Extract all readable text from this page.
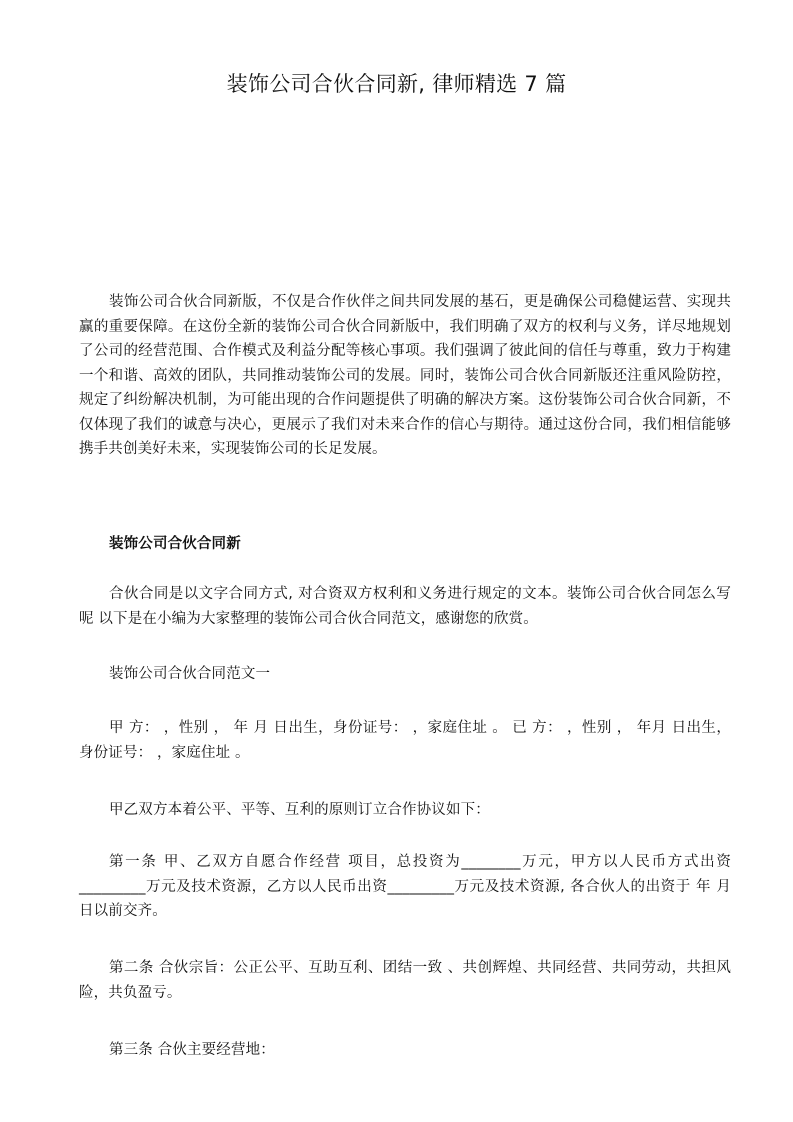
装饰公司合伙合同新, 律师精选 7 篇

装饰公司合伙合同新版，不仅是合作伙伴之间共同发展的基石，更是确保公司稳健运营、实现共赢的重要保障。在这份全新的装饰公司合伙合同新版中，我们明确了双方的权利与义务，详尽地规划了公司的经营范围、合作模式及利益分配等核心事项。我们强调了彼此间的信任与尊重，致力于构建一个和谐、高效的团队，共同推动装饰公司的发展。同时，装饰公司合伙合同新版还注重风险防控，规定了纠纷解决机制，为可能出现的合作问题提供了明确的解决方案。这份装饰公司合伙合同新，不仅体现了我们的诚意与决心，更展示了我们对未来合作的信心与期待。通过这份合同，我们相信能够携手共创美好未来，实现装饰公司的长足发展。

装饰公司合伙合同新

合伙合同是以文字合同方式, 对合资双方权利和义务进行规定的文本。装饰公司合伙合同怎么写呢 以下是在小编为大家整理的装饰公司合伙合同范文，感谢您的欣赏。

装饰公司合伙合同范文一

甲 方： ，性别 ， 年 月 日出生，身份证号： ，家庭住址 。 已 方： ，性别 ， 年月 日出生，身份证号： ，家庭住址 。

甲乙双方本着公平、平等、互利的原则订立合作协议如下：

第一条 甲、乙双方自愿合作经营 项目，总投资为________万元，甲方以人民币方式出资_________万元及技术资源，乙方以人民币出资_________万元及技术资源, 各合伙人的出资于 年 月 日以前交齐。

第二条 合伙宗旨：公正公平、互助互利、团结一致 、共创辉煌、共同经营、共同劳动，共担风险，共负盈亏。

第三条 合伙主要经营地：
